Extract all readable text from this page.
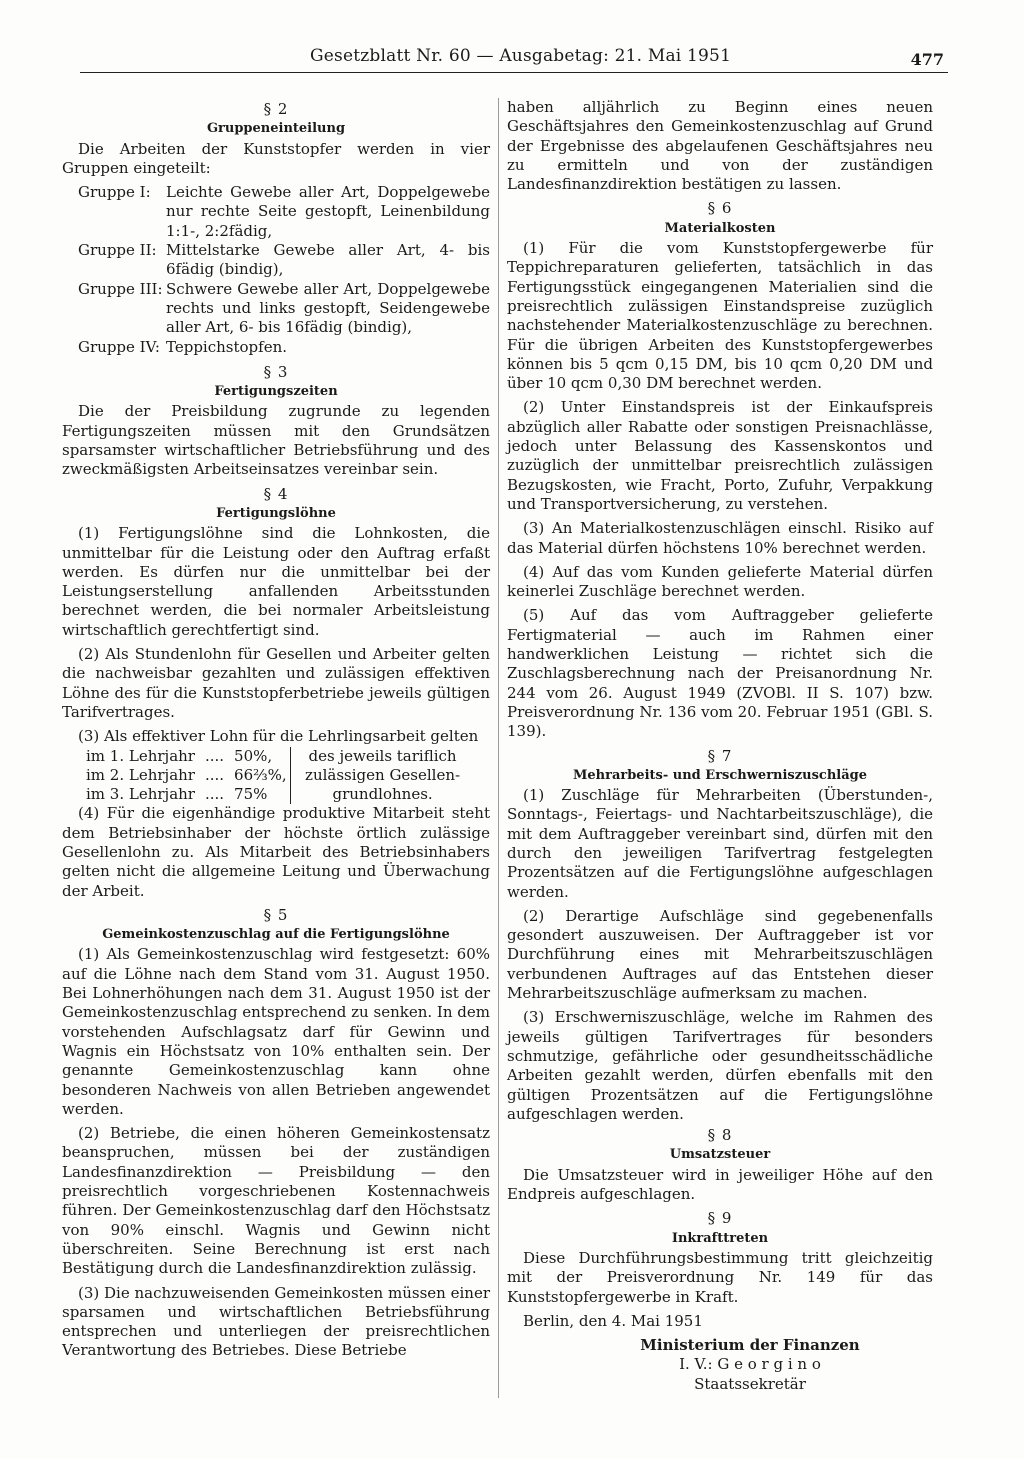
Gesetzblatt Nr. 60 — Ausgabetag: 21. Mai 1951	477

§ 2

Gruppeneinteilung

Die Arbeiten der Kunststopfer werden in vier Gruppen eingeteilt:

Gruppe I:	Leichte Gewebe aller Art, Doppelgewebe nur rechte Seite gestopft, Leinenbildung 1:1-, 2:2fädig,
Gruppe II: Mittelstarke Gewebe aller Art, 4- bis 6fädig (bindig),
Gruppe III: Schwere Gewebe aller Art, Doppelgewebe rechts und links gestopft, Seidengewebe aller Art, 6- bis 16fädig (bindig),
Gruppe IV: Teppichstopfen.

§ 3

Fertigungszeiten

Die der Preisbildung zugrunde zu legenden Fertigungszeiten müssen mit den Grundsätzen sparsamster wirtschaftlicher Betriebsführung und des zweckmäßigsten Arbeitseinsatzes vereinbar sein.

§ 4

Fertigungslöhne

(1) Fertigungslöhne sind die Lohnkosten, die unmittelbar für die Leistung oder den Auftrag erfaßt werden. Es dürfen nur die unmittelbar bei der Leistungserstellung anfallenden Arbeitsstunden berechnet werden, die bei normaler Arbeitsleistung wirtschaftlich gerechtfertigt sind.

(2) Als Stundenlohn für Gesellen und Arbeiter gelten die nachweisbar gezahlten und zulässigen effektiven Löhne des für die Kunststopferbetriebe jeweils gültigen Tarifvertrages.

(3) Als effektiver Lohn für die Lehrlingsarbeit gelten

im 1. Lehrjahr	....	50%,		des jeweils tariflich
im 2. Lehrjahr	....	66⅔%,		zulässigen Gesellen-
im 3. Lehrjahr	....	75%		grundlohnes.

(4) Für die eigenhändige produktive Mitarbeit steht dem Betriebsinhaber der höchste örtlich zulässige Gesellenlohn zu. Als Mitarbeit des Betriebsinhabers gelten nicht die allgemeine Leitung und Überwachung der Arbeit.

§ 5

Gemeinkostenzuschlag auf die Fertigungslöhne

(1) Als Gemeinkostenzuschlag wird festgesetzt: 60% auf die Löhne nach dem Stand vom 31. August 1950. Bei Lohnerhöhungen nach dem 31. August 1950 ist der Gemeinkostenzuschlag entsprechend zu senken. In dem vorstehenden Aufschlagsatz darf für Gewinn und Wagnis ein Höchstsatz von 10% enthalten sein. Der genannte Gemeinkostenzuschlag kann ohne besonderen Nachweis von allen Betrieben angewendet werden.

(2) Betriebe, die einen höheren Gemeinkostensatz beanspruchen, müssen bei der zuständigen Landesfinanzdirektion — Preisbildung — den preisrechtlich vorgeschriebenen Kostennachweis führen. Der Gemeinkostenzuschlag darf den Höchstsatz von 90% einschl. Wagnis und Gewinn nicht überschreiten. Seine Berechnung ist erst nach Bestätigung durch die Landesfinanzdirektion zulässig.

(3) Die nachzuweisenden Gemeinkosten müssen einer sparsamen und wirtschaftlichen Betriebsführung entsprechen und unterliegen der preisrechtlichen Verantwortung des Betriebes. Diese Betriebe

haben alljährlich zu Beginn eines neuen Geschäftsjahres den Gemeinkostenzuschlag auf Grund der Ergebnisse des abgelaufenen Geschäftsjahres neu zu ermitteln und von der zuständigen Landesfinanzdirektion bestätigen zu lassen.

§ 6

Materialkosten

(1) Für die vom Kunststopfergewerbe für Teppichreparaturen gelieferten, tatsächlich in das Fertigungsstück eingegangenen Materialien sind die preisrechtlich zulässigen Einstandspreise zuzüglich nachstehender Materialkostenzuschläge zu berechnen. Für die übrigen Arbeiten des Kunststopfergewerbes können bis 5 qcm 0,15 DM, bis 10 qcm 0,20 DM und über 10 qcm 0,30 DM berechnet werden.

(2) Unter Einstandspreis ist der Einkaufspreis abzüglich aller Rabatte oder sonstigen Preisnachlässe, jedoch unter Belassung des Kassenskontos und zuzüglich der unmittelbar preisrechtlich zulässigen Bezugskosten, wie Fracht, Porto, Zufuhr, Verpakkung und Transportversicherung, zu verstehen.

(3) An Materialkostenzuschlägen einschl. Risiko auf das Material dürfen höchstens 10% berechnet werden.

(4) Auf das vom Kunden gelieferte Material dürfen keinerlei Zuschläge berechnet werden.

(5) Auf das vom Auftraggeber gelieferte Fertigmaterial — auch im Rahmen einer handwerklichen Leistung — richtet sich die Zuschlagsberechnung nach der Preisanordnung Nr. 244 vom 26. August 1949 (ZVOBl. II S. 107) bzw. Preisverordnung Nr. 136 vom 20. Februar 1951 (GBl. S. 139).

§ 7

Mehrarbeits- und Erschwerniszuschläge

(1) Zuschläge für Mehrarbeiten (Überstunden-, Sonntags-, Feiertags- und Nachtarbeitszuschläge), die mit dem Auftraggeber vereinbart sind, dürfen mit den durch den jeweiligen Tarifvertrag festgelegten Prozentsätzen auf die Fertigungslöhne aufgeschlagen werden.

(2) Derartige Aufschläge sind gegebenenfalls gesondert auszuweisen. Der Auftraggeber ist vor Durchführung eines mit Mehrarbeitszuschlägen verbundenen Auftrages auf das Entstehen dieser Mehrarbeitszuschläge aufmerksam zu machen.

(3) Erschwerniszuschläge, welche im Rahmen des jeweils gültigen Tarifvertrages für besonders schmutzige, gefährliche oder gesundheitsschädliche Arbeiten gezahlt werden, dürfen ebenfalls mit den gültigen Prozentsätzen auf die Fertigungslöhne aufgeschlagen werden.

§ 8

Umsatzsteuer

Die Umsatzsteuer wird in jeweiliger Höhe auf den Endpreis aufgeschlagen.

§ 9

Inkrafttreten

Diese Durchführungsbestimmung tritt gleichzeitig mit der Preisverordnung Nr. 149 für das Kunststopfergewerbe in Kraft.

Berlin, den 4. Mai 1951

Ministerium der Finanzen

I. V.: G e o r g i n o

Staatssekretär
